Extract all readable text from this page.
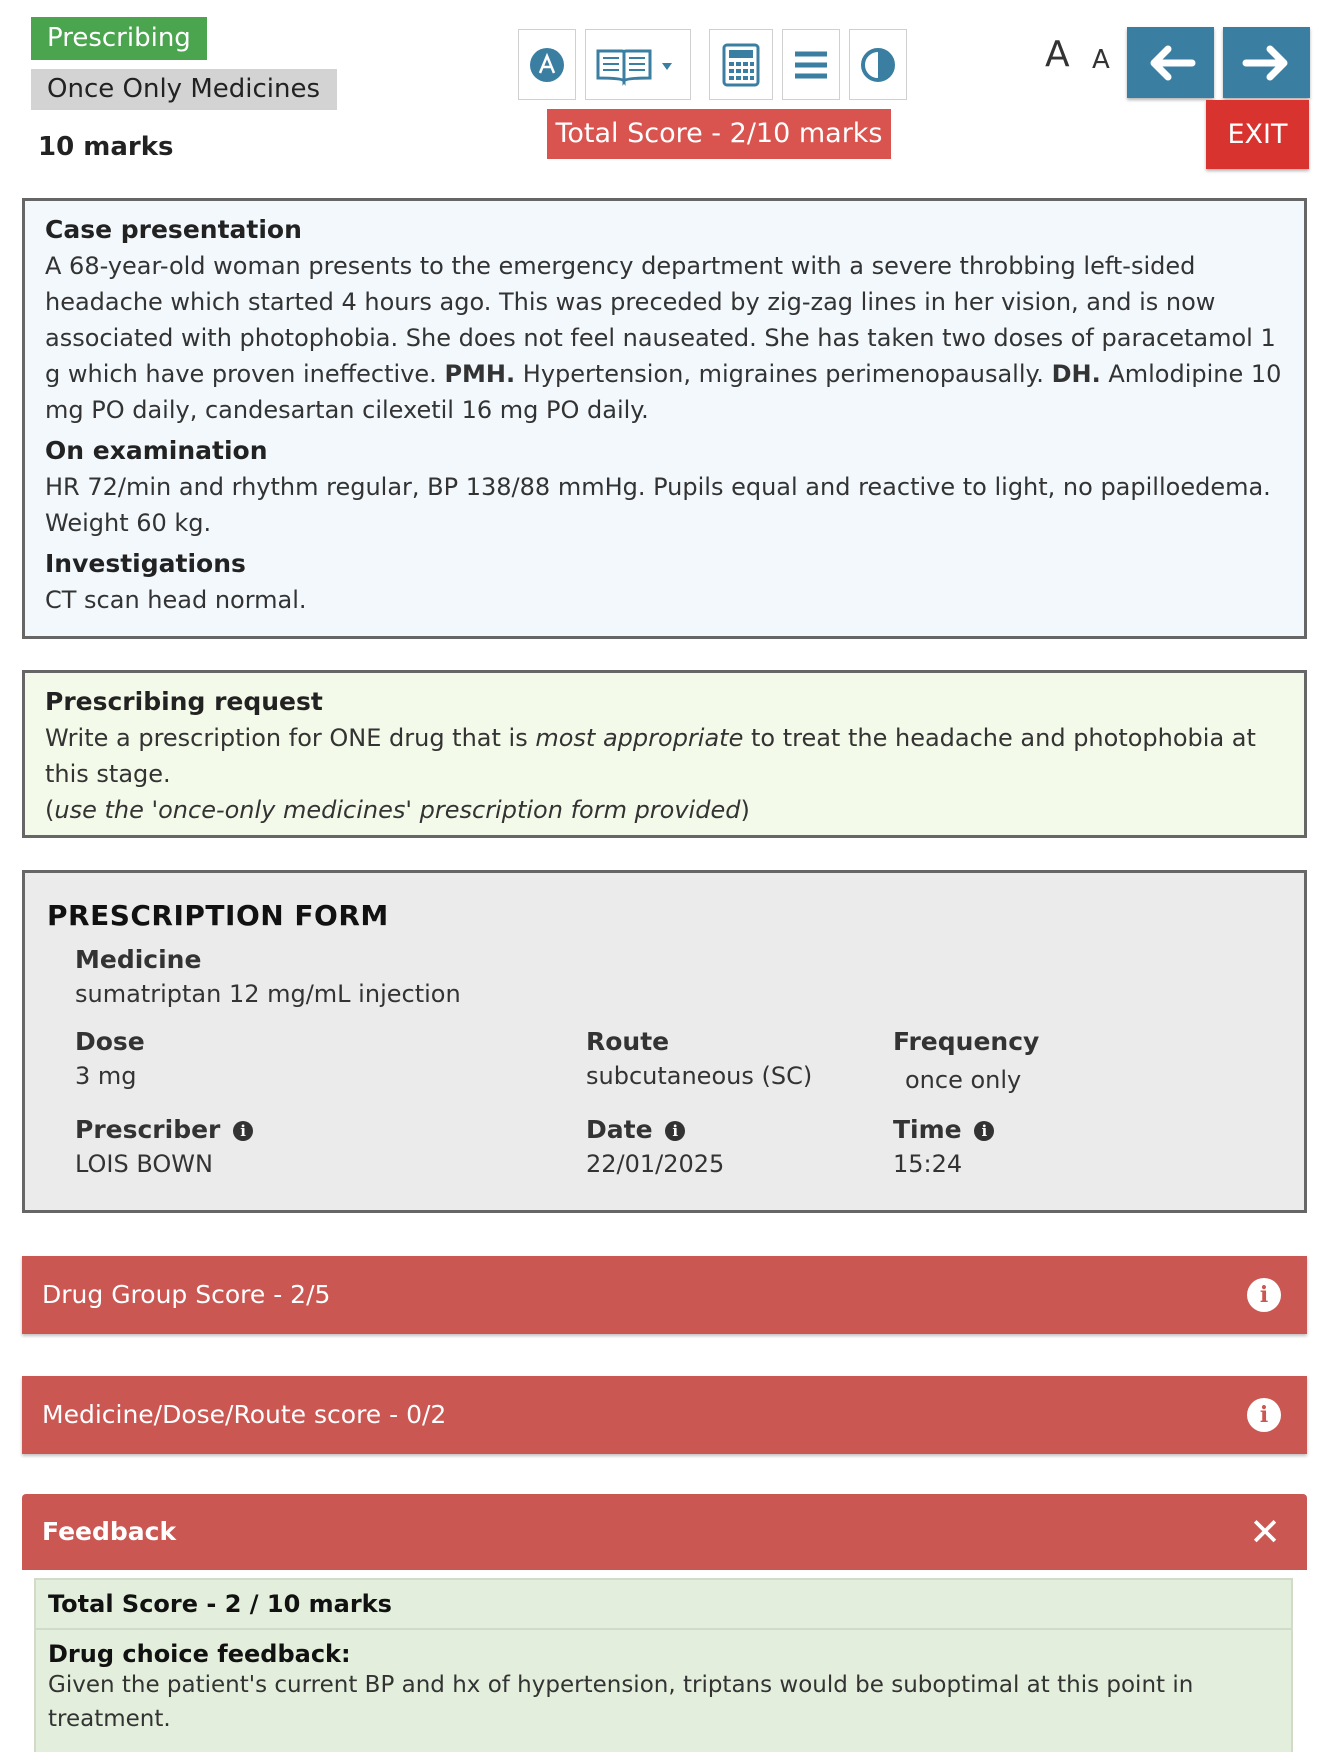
Prescribing
Once Only Medicines
10 marks	Total Score - 2/10 marks
A A
EXIT
Case presentation

A 68-year-old woman presents to the emergency department with a severe throbbing left-sided headache which started 4 hours ago. This was preceded by zig-zag lines in her vision, and is now associated with photophobia. She does not feel nauseated. She has taken two doses of paracetamol 1 g which have proven ineffective. PMH. Hypertension, migraines perimenopausally. DH. Amlodipine 10 mg PO daily, candesartan cilexetil 16 mg PO daily.

On examination

HR 72/min and rhythm regular, BP 138/88 mmHg. Pupils equal and reactive to light, no papilloedema. Weight 60 kg.

Investigations

CT scan head normal.

Prescribing request

Write a prescription for ONE drug that is most appropriate to treat the headache and photophobia at this stage.
(use the 'once-only medicines' prescription form provided)

PRESCRIPTION FORM
Medicine
sumatriptan 12 mg/mL injection
Dose
3 mg
Route
subcutaneous (SC)
Frequency
once only
Prescriber i
LOIS BOWN
Date i
22/01/2025
Time i
15:24
Drug Group Score - 2/5	i
Medicine/Dose/Route score - 0/2	i
Feedback	✕
Total Score - 2 / 10 marks
Drug choice feedback:
Given the patient's current BP and hx of hypertension, triptans would be suboptimal at this point in treatment.
